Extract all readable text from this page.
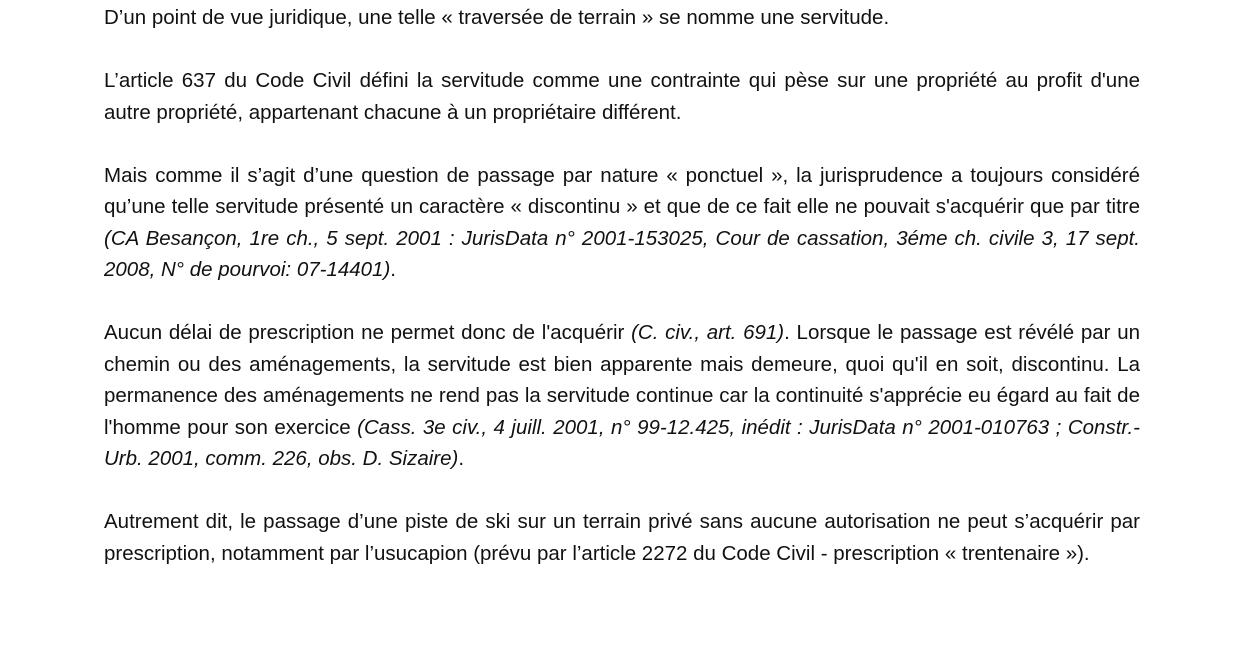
D’un point de vue juridique, une telle « traversée de terrain » se nomme une servitude.

L’article 637 du Code Civil défini la servitude comme une contrainte qui pèse sur une propriété au profit d'une autre propriété, appartenant chacune à un propriétaire différent.

Mais comme il s’agit d’une question de passage par nature « ponctuel », la jurisprudence a toujours considéré qu’une telle servitude présenté un caractère « discontinu » et que de ce fait elle ne pouvait s'acquérir que par titre (CA Besançon, 1re ch., 5 sept. 2001 : JurisData n° 2001-153025, Cour de cassation, 3éme ch. civile 3, 17 sept. 2008, N° de pourvoi: 07-14401).

Aucun délai de prescription ne permet donc de l'acquérir (C. civ., art. 691). Lorsque le passage est révélé par un chemin ou des aménagements, la servitude est bien apparente mais demeure, quoi qu'il en soit, discontinu. La permanence des aménagements ne rend pas la servitude continue car la continuité s'apprécie eu égard au fait de l'homme pour son exercice (Cass. 3e civ., 4 juill. 2001, n° 99-12.425, inédit : JurisData n° 2001-010763 ; Constr.-Urb. 2001, comm. 226, obs. D. Sizaire).

Autrement dit, le passage d’une piste de ski sur un terrain privé sans aucune autorisation ne peut s’acquérir par prescription, notamment par l’usucapion (prévu par l’article 2272 du Code Civil - prescription « trentenaire »).
